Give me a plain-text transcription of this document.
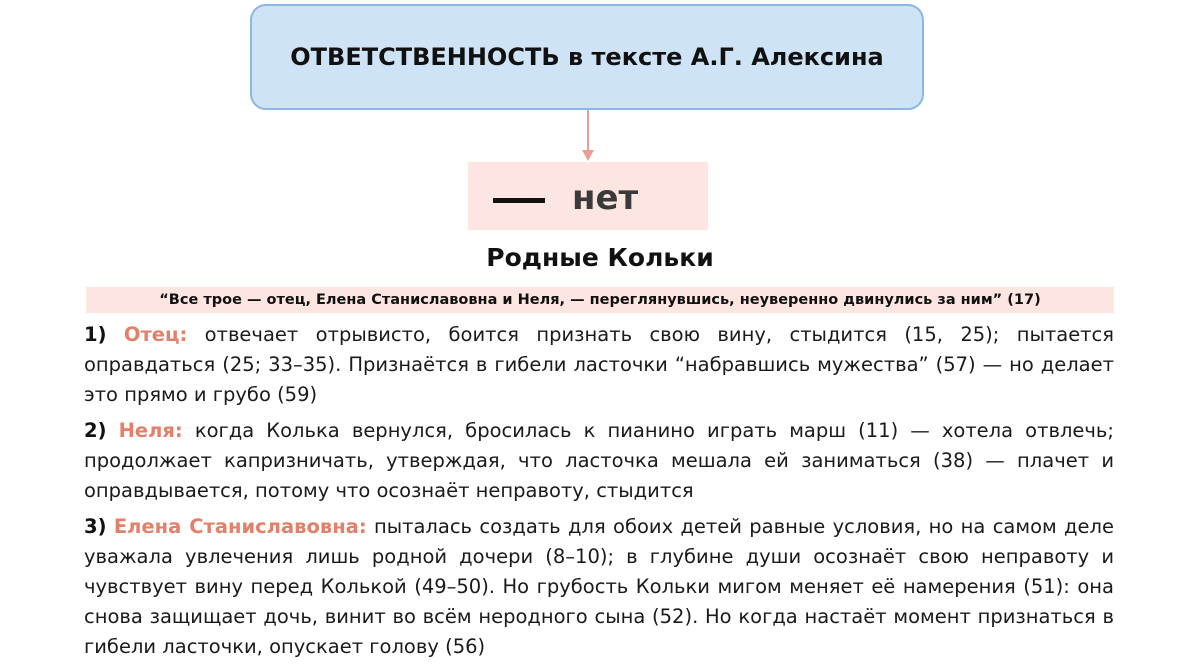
ОТВЕТСТВЕННОСТЬ в тексте А.Г. Алексина
нет
Родные Кольки
“Все трое — отец, Елена Станиславовна и Неля, — переглянувшись, неуверенно двинулись за ним” (17)

1) Отец: отвечает отрывисто, боится признать свою вину, стыдится (15, 25); пытается оправдаться (25; 33–35). Признаётся в гибели ласточки “набравшись мужества” (57) — но делает это прямо и грубо (59)

2) Неля: когда Колька вернулся, бросилась к пианино играть марш (11) — хотела отвлечь; продолжает капризничать, утверждая, что ласточка мешала ей заниматься (38) — плачет и оправдывается, потому что осознаёт неправоту, стыдится

3) Елена Станиславовна: пыталась создать для обоих детей равные условия, но на самом деле уважала увлечения лишь родной дочери (8–10); в глубине души осознаёт свою неправоту и чувствует вину перед Колькой (49–50). Но грубость Кольки мигом меняет её намерения (51): она снова защищает дочь, винит во всём неродного сына (52). Но когда настаёт момент признаться в гибели ласточки, опускает голову (56)
